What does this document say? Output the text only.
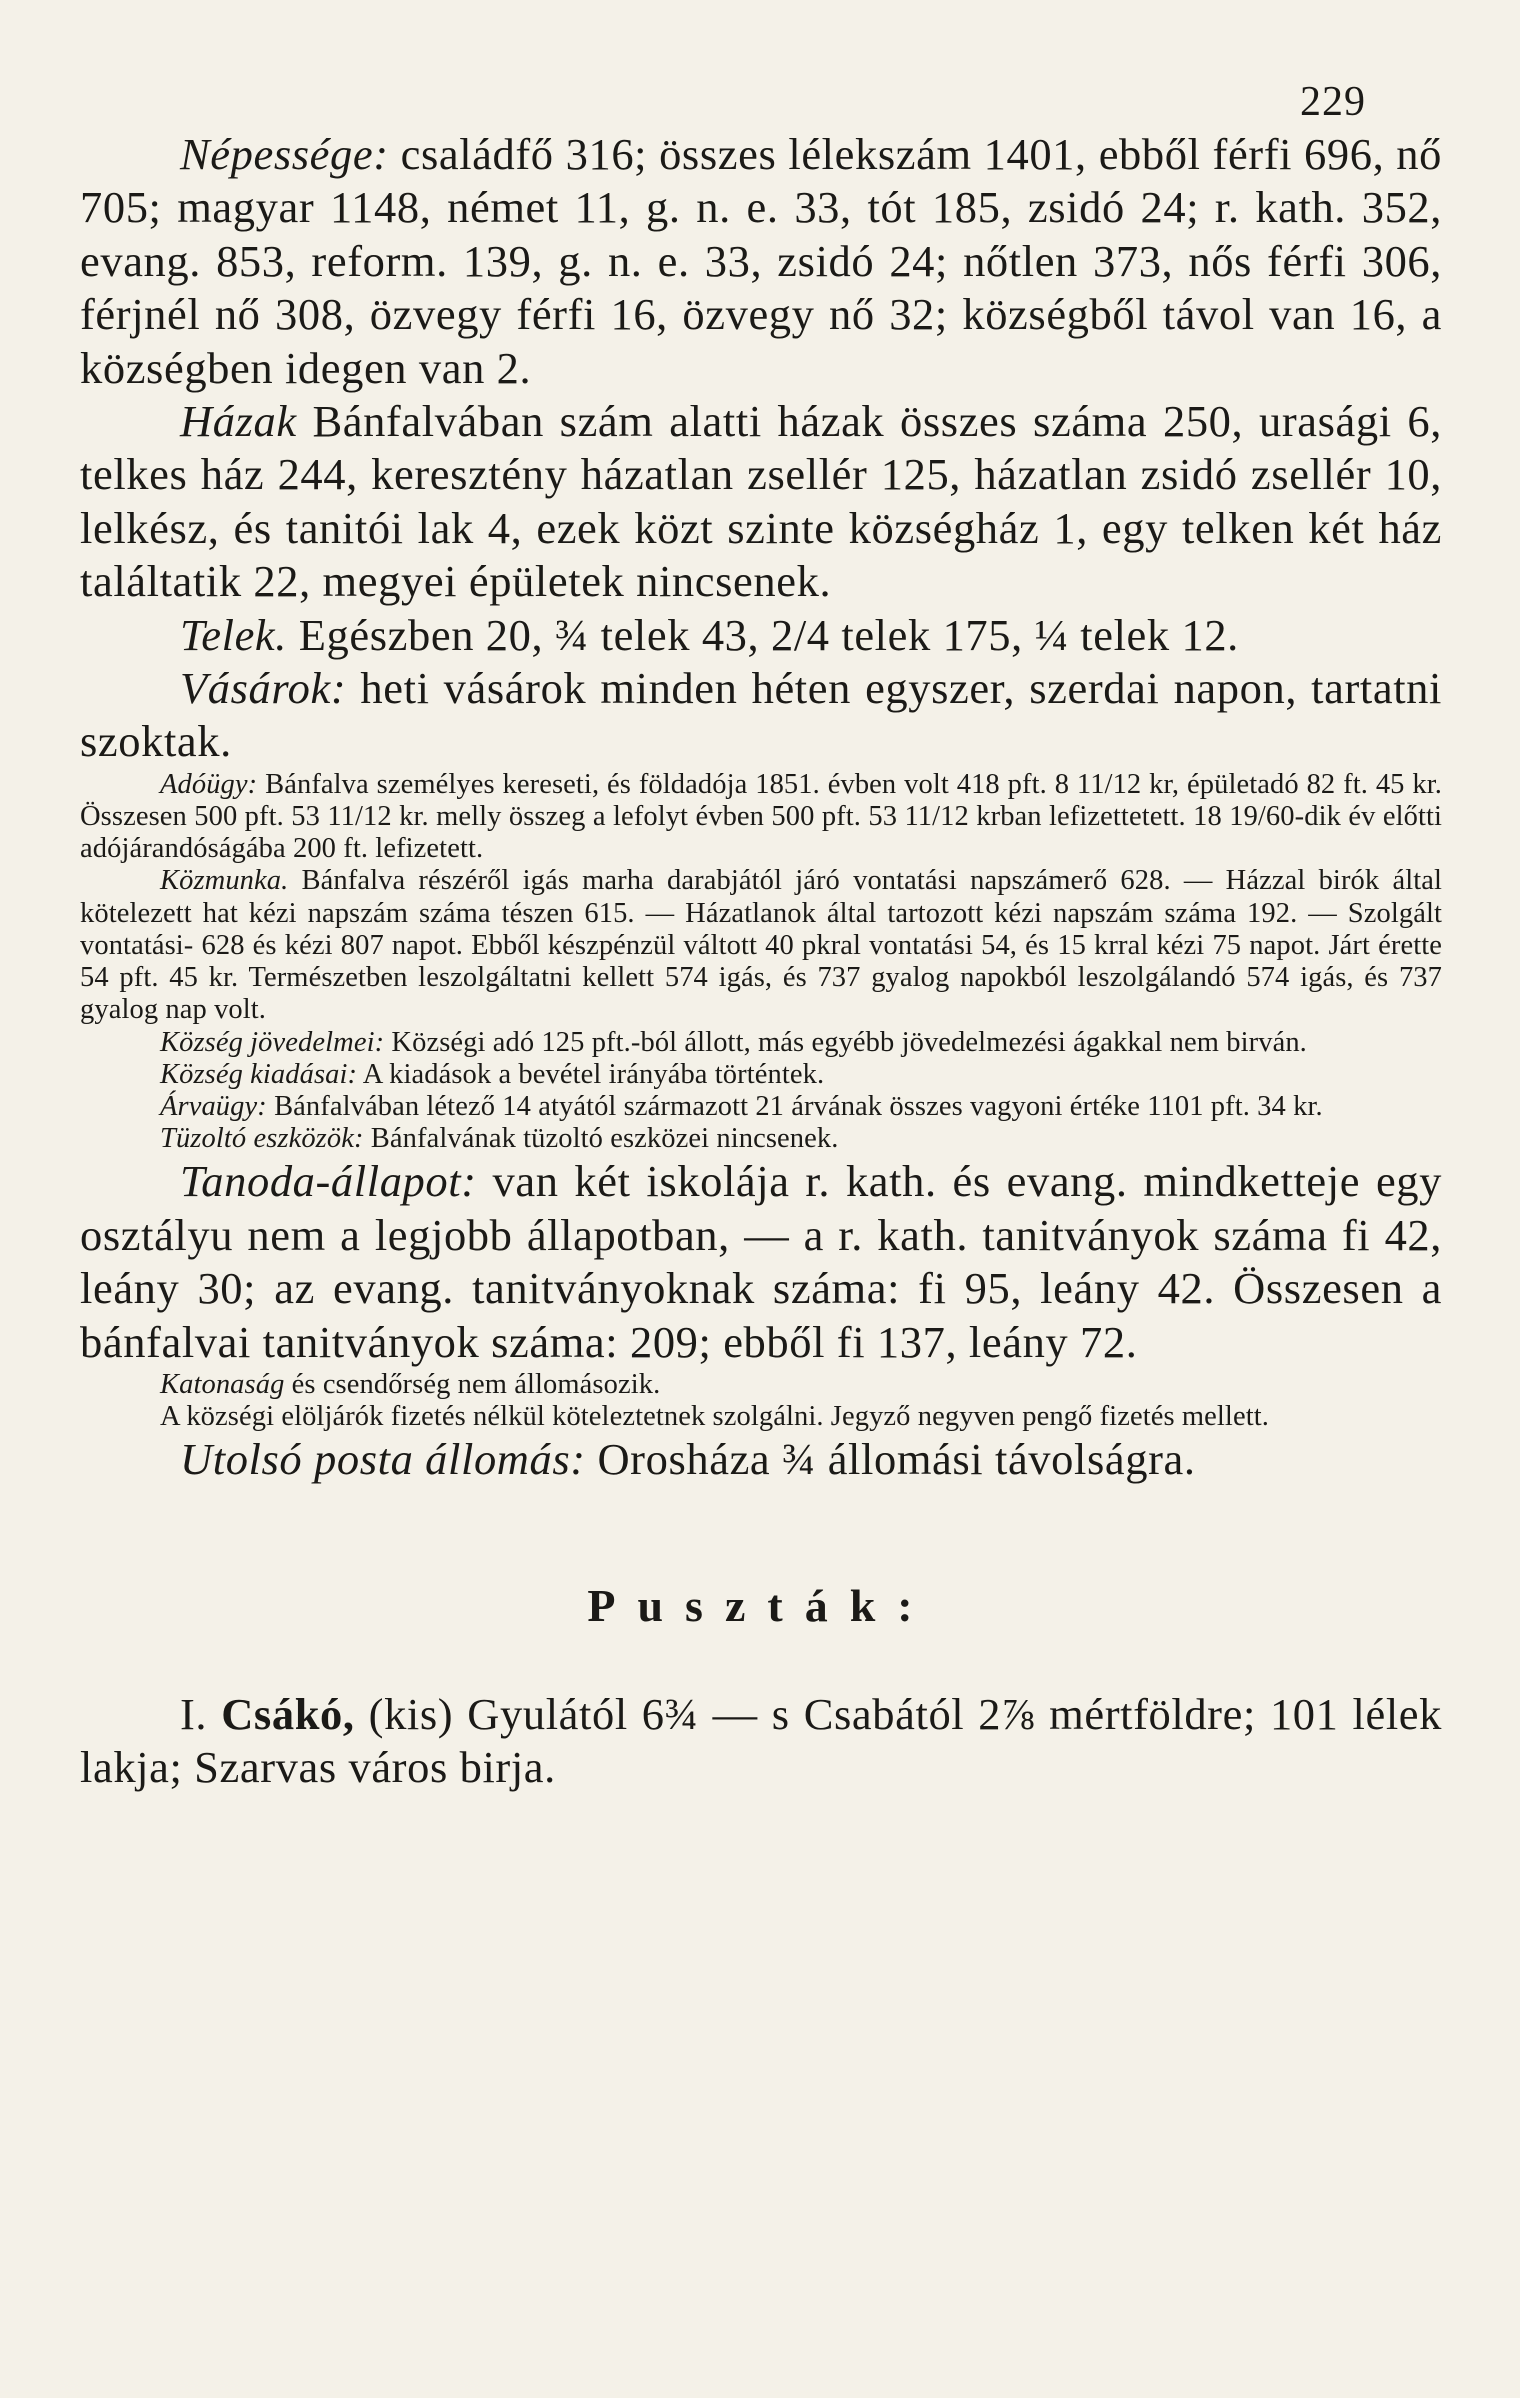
229

Népessége: családfő 316; összes lélekszám 1401, ebből férfi 696, nő 705; magyar 1148, német 11, g. n. e. 33, tót 185, zsidó 24; r. kath. 352, evang. 853, reform. 139, g. n. e. 33, zsidó 24; nőtlen 373, nős férfi 306, férjnél nő 308, özvegy férfi 16, özvegy nő 32; községből távol van 16, a községben idegen van 2.

Házak Bánfalvában szám alatti házak összes száma 250, urasági 6, telkes ház 244, keresztény házatlan zsellér 125, házatlan zsidó zsellér 10, lelkész, és tanitói lak 4, ezek közt szinte községház 1, egy telken két ház találtatik 22, megyei épületek nincsenek.

Telek. Egészben 20, ¾ telek 43, 2/4 telek 175, ¼ telek 12.

Vásárok: heti vásárok minden héten egyszer, szerdai napon, tartatni szoktak.

Adóügy: Bánfalva személyes kereseti, és földadója 1851. évben volt 418 pft. 8 11/12 kr, épületadó 82 ft. 45 kr. Összesen 500 pft. 53 11/12 kr. melly összeg a lefolyt évben 500 pft. 53 11/12 krban lefizettetett. 18 19/60-dik év előtti adójárandóságába 200 ft. lefizetett.

Közmunka. Bánfalva részéről igás marha darabjától járó vontatási napszámerő 628. — Házzal birók által kötelezett hat kézi napszám száma tészen 615. — Házatlanok által tartozott kézi napszám száma 192. — Szolgált vontatási- 628 és kézi 807 napot. Ebből készpénzül váltott 40 pkral vontatási 54, és 15 krral kézi 75 napot. Járt érette 54 pft. 45 kr. Természetben leszolgáltatni kellett 574 igás, és 737 gyalog napokból leszolgálandó 574 igás, és 737 gyalog nap volt.

Község jövedelmei: Községi adó 125 pft.-ból állott, más egyébb jövedelmezési ágakkal nem birván.

Község kiadásai: A kiadások a bevétel irányába történtek.

Árvaügy: Bánfalvában létező 14 atyától származott 21 árvának összes vagyoni értéke 1101 pft. 34 kr.

Tüzoltó eszközök: Bánfalvának tüzoltó eszközei nincsenek.

Tanoda-állapot: van két iskolája r. kath. és evang. mindketteje egy osztályu nem a legjobb állapotban, — a r. kath. tanitványok száma fi 42, leány 30; az evang. tanitványoknak száma: fi 95, leány 42. Összesen a bánfalvai tanitványok száma: 209; ebből fi 137, leány 72.

Katonaság és csendőrség nem állomásozik.

A községi elöljárók fizetés nélkül köteleztetnek szolgálni. Jegyző negyven pengő fizetés mellett.

Utolsó posta állomás: Orosháza ¾ állomási távolságra.

Puszták:

I. Csákó, (kis) Gyulától 6¾ — s Csabától 2⅞ mértföldre; 101 lélek lakja; Szarvas város birja.
